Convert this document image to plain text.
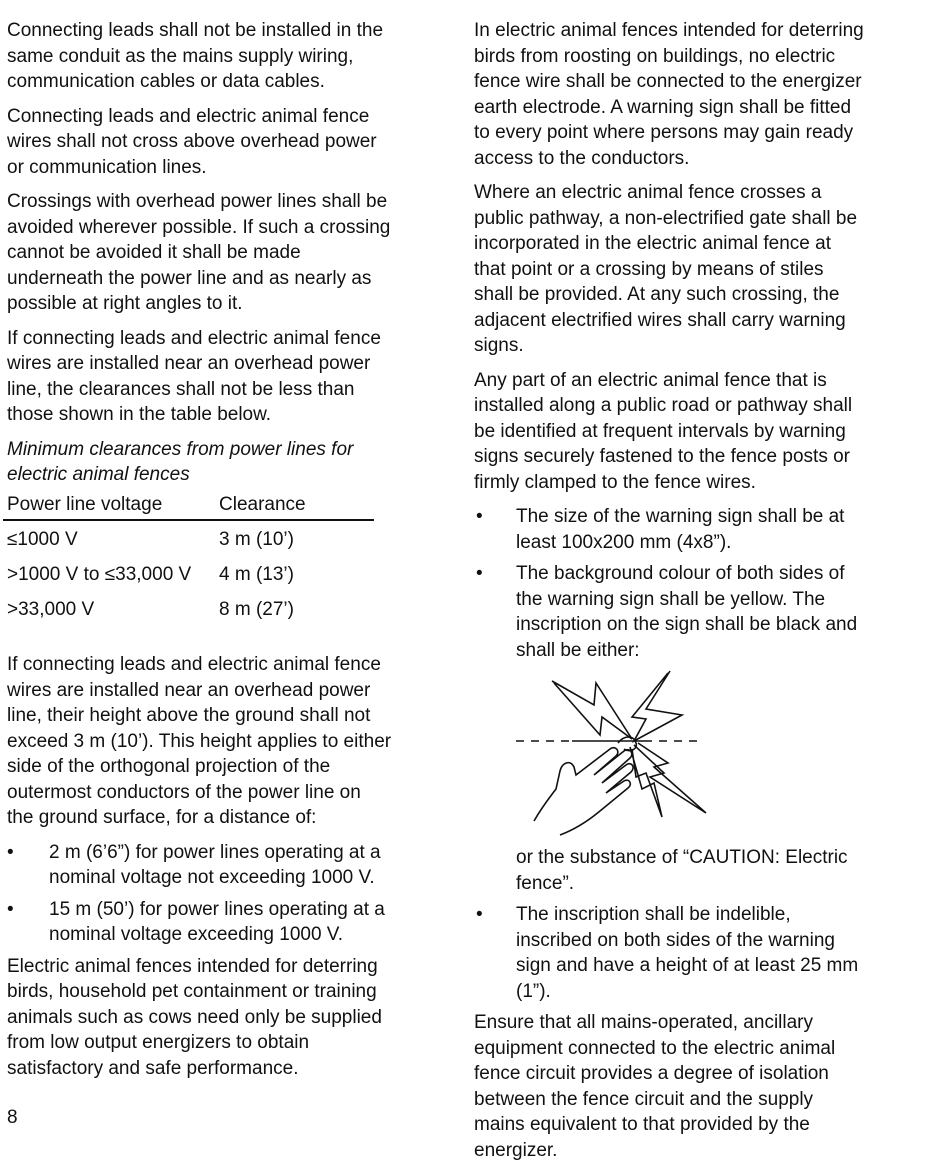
Connecting leads shall not be installed in the same conduit as the mains supply wiring, communication cables or data cables.

Connecting leads and electric animal fence wires shall not cross above overhead power or communication lines.

Crossings with overhead power lines shall be avoided wherever possible. If such a crossing cannot be avoided it shall be made underneath the power line and as nearly as possible at right angles to it.

If connecting leads and electric animal fence wires are installed near an overhead power line, the clearances shall not be less than those shown in the table below.

Minimum clearances from power lines for electric animal fences

Power line voltage	Clearance
≤1000 V	3 m (10’)
>1000 V to ≤33,000 V	4 m (13’)
>33,000 V	8 m (27’)

If connecting leads and electric animal fence wires are installed near an overhead power line, their height above the ground shall not exceed 3 m (10’). This height applies to either side of the orthogonal projection of the outermost conductors of the power line on the ground surface, for a distance of:

• 2 m (6’6”) for power lines operating at a nominal voltage not exceeding 1000 V.
• 15 m (50’) for power lines operating at a nominal voltage exceeding 1000 V.

Electric animal fences intended for deterring birds, household pet containment or training animals such as cows need only be supplied from low output energizers to obtain satisfactory and safe performance.

In electric animal fences intended for deterring birds from roosting on buildings, no electric fence wire shall be connected to the energizer earth electrode. A warning sign shall be fitted to every point where persons may gain ready access to the conductors.

Where an electric animal fence crosses a public pathway, a non-electrified gate shall be incorporated in the electric animal fence at that point or a crossing by means of stiles shall be provided. At any such crossing, the adjacent electrified wires shall carry warning signs.

Any part of an electric animal fence that is installed along a public road or pathway shall be identified at frequent intervals by warning signs securely fastened to the fence posts or firmly clamped to the fence wires.

• The size of the warning sign shall be at least 100x200 mm (4x8”).
• The background colour of both sides of the warning sign shall be yellow. The inscription on the sign shall be black and shall be either:

or the substance of “CAUTION: Electric fence”.

• The inscription shall be indelible, inscribed on both sides of the warning sign and have a height of at least 25 mm (1”).

Ensure that all mains-operated, ancillary equipment connected to the electric animal fence circuit provides a degree of isolation between the fence circuit and the supply mains equivalent to that provided by the energizer.

8
